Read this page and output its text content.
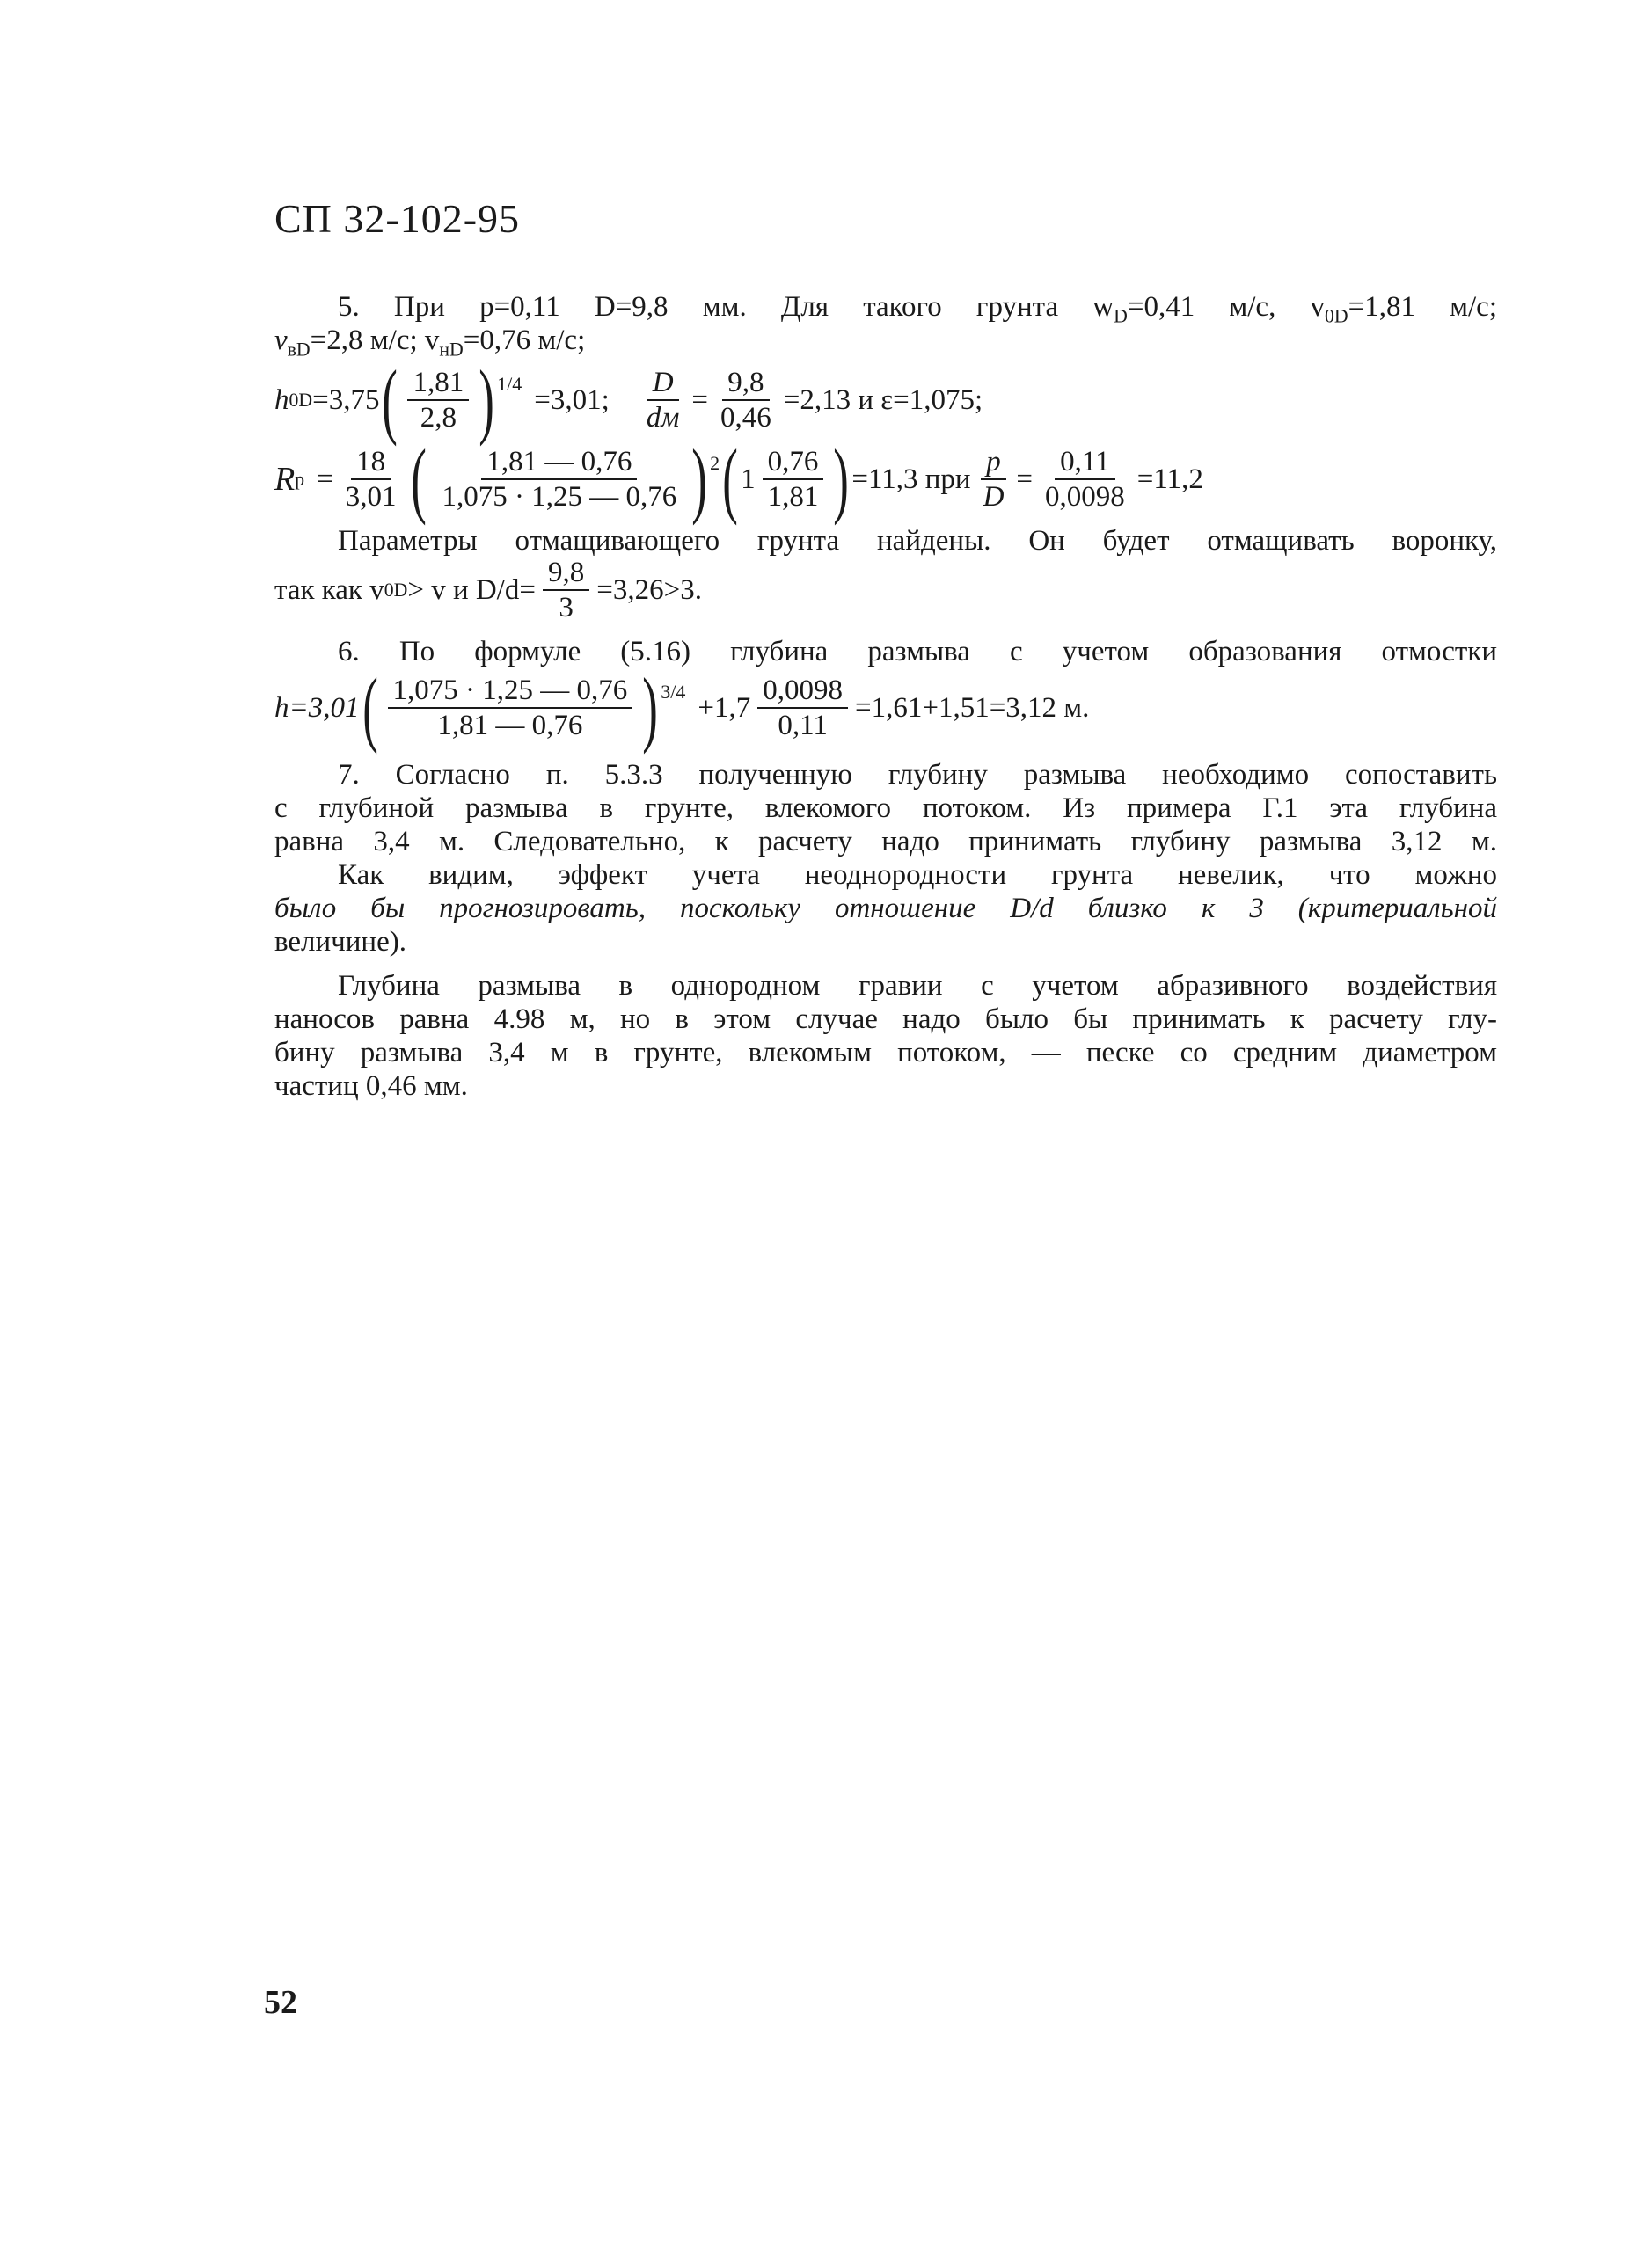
СП 32-102-95
5. При р=0,11 D=9,8 мм. Для такого грунта $w_D=0,41$ м/с, $v_{0D}=1,81$ м/с;
$v_{вD}=2,8$ м/с; $v_{нD}=0,76$ м/с;
h 0D =3,75 ( $\frac{1,81}{2,8}$ ) 1/4
=3,01; $\frac{D}{dм} = \frac{9,8}{0,46} =2,13$ и ε=1,075;
R $р = \frac{18}{3,01}$ ( $\frac{1,81 — 0,76}{1,075 \cdot 1,25 — 0,76}$ ) 2 ( $1 \frac{0,76}{1,81}$ ) =11,3 при $\frac{p}{D} = \frac{0,11}{0,0098} =11,2$
Параметры отмащивающего грунта найдены. Он будет отмащивать воронку,
так как v 0D > v и $D/d= \frac{9,8}{3} =3,26>3$.
6. По формуле (5.16) глубина размыва с учетом образования отмостки
h=3,01 ( $\frac{1,075 \cdot 1,25 — 0,76}{1,81 — 0,76}$ ) 3/4
$+1,7 \frac{0,0098}{0,11} =1,61+1,51=3,12$ м.
7. Согласно п. 5.3.3 полученную глубину размыва необходимо сопоставить
с глубиной размыва в грунте, влекомого потоком. Из примера Г.1 эта глубина
равна 3,4 м. Следовательно, к расчету надо принимать глубину размыва 3,12 м.
Как видим, эффект учета неоднородности грунта невелик, что можно
было бы прогнозировать, поскольку отношение D/d близко к 3 (критериальной
величине).
Глубина размыва в однородном гравии с учетом абразивного воздействия
наносов равна 4.98 м, но в этом случае надо было бы принимать к расчету глу-
бину размыва 3,4 м в грунте, влекомым потоком, — песке со средним диаметром
частиц 0,46 мм.
52
